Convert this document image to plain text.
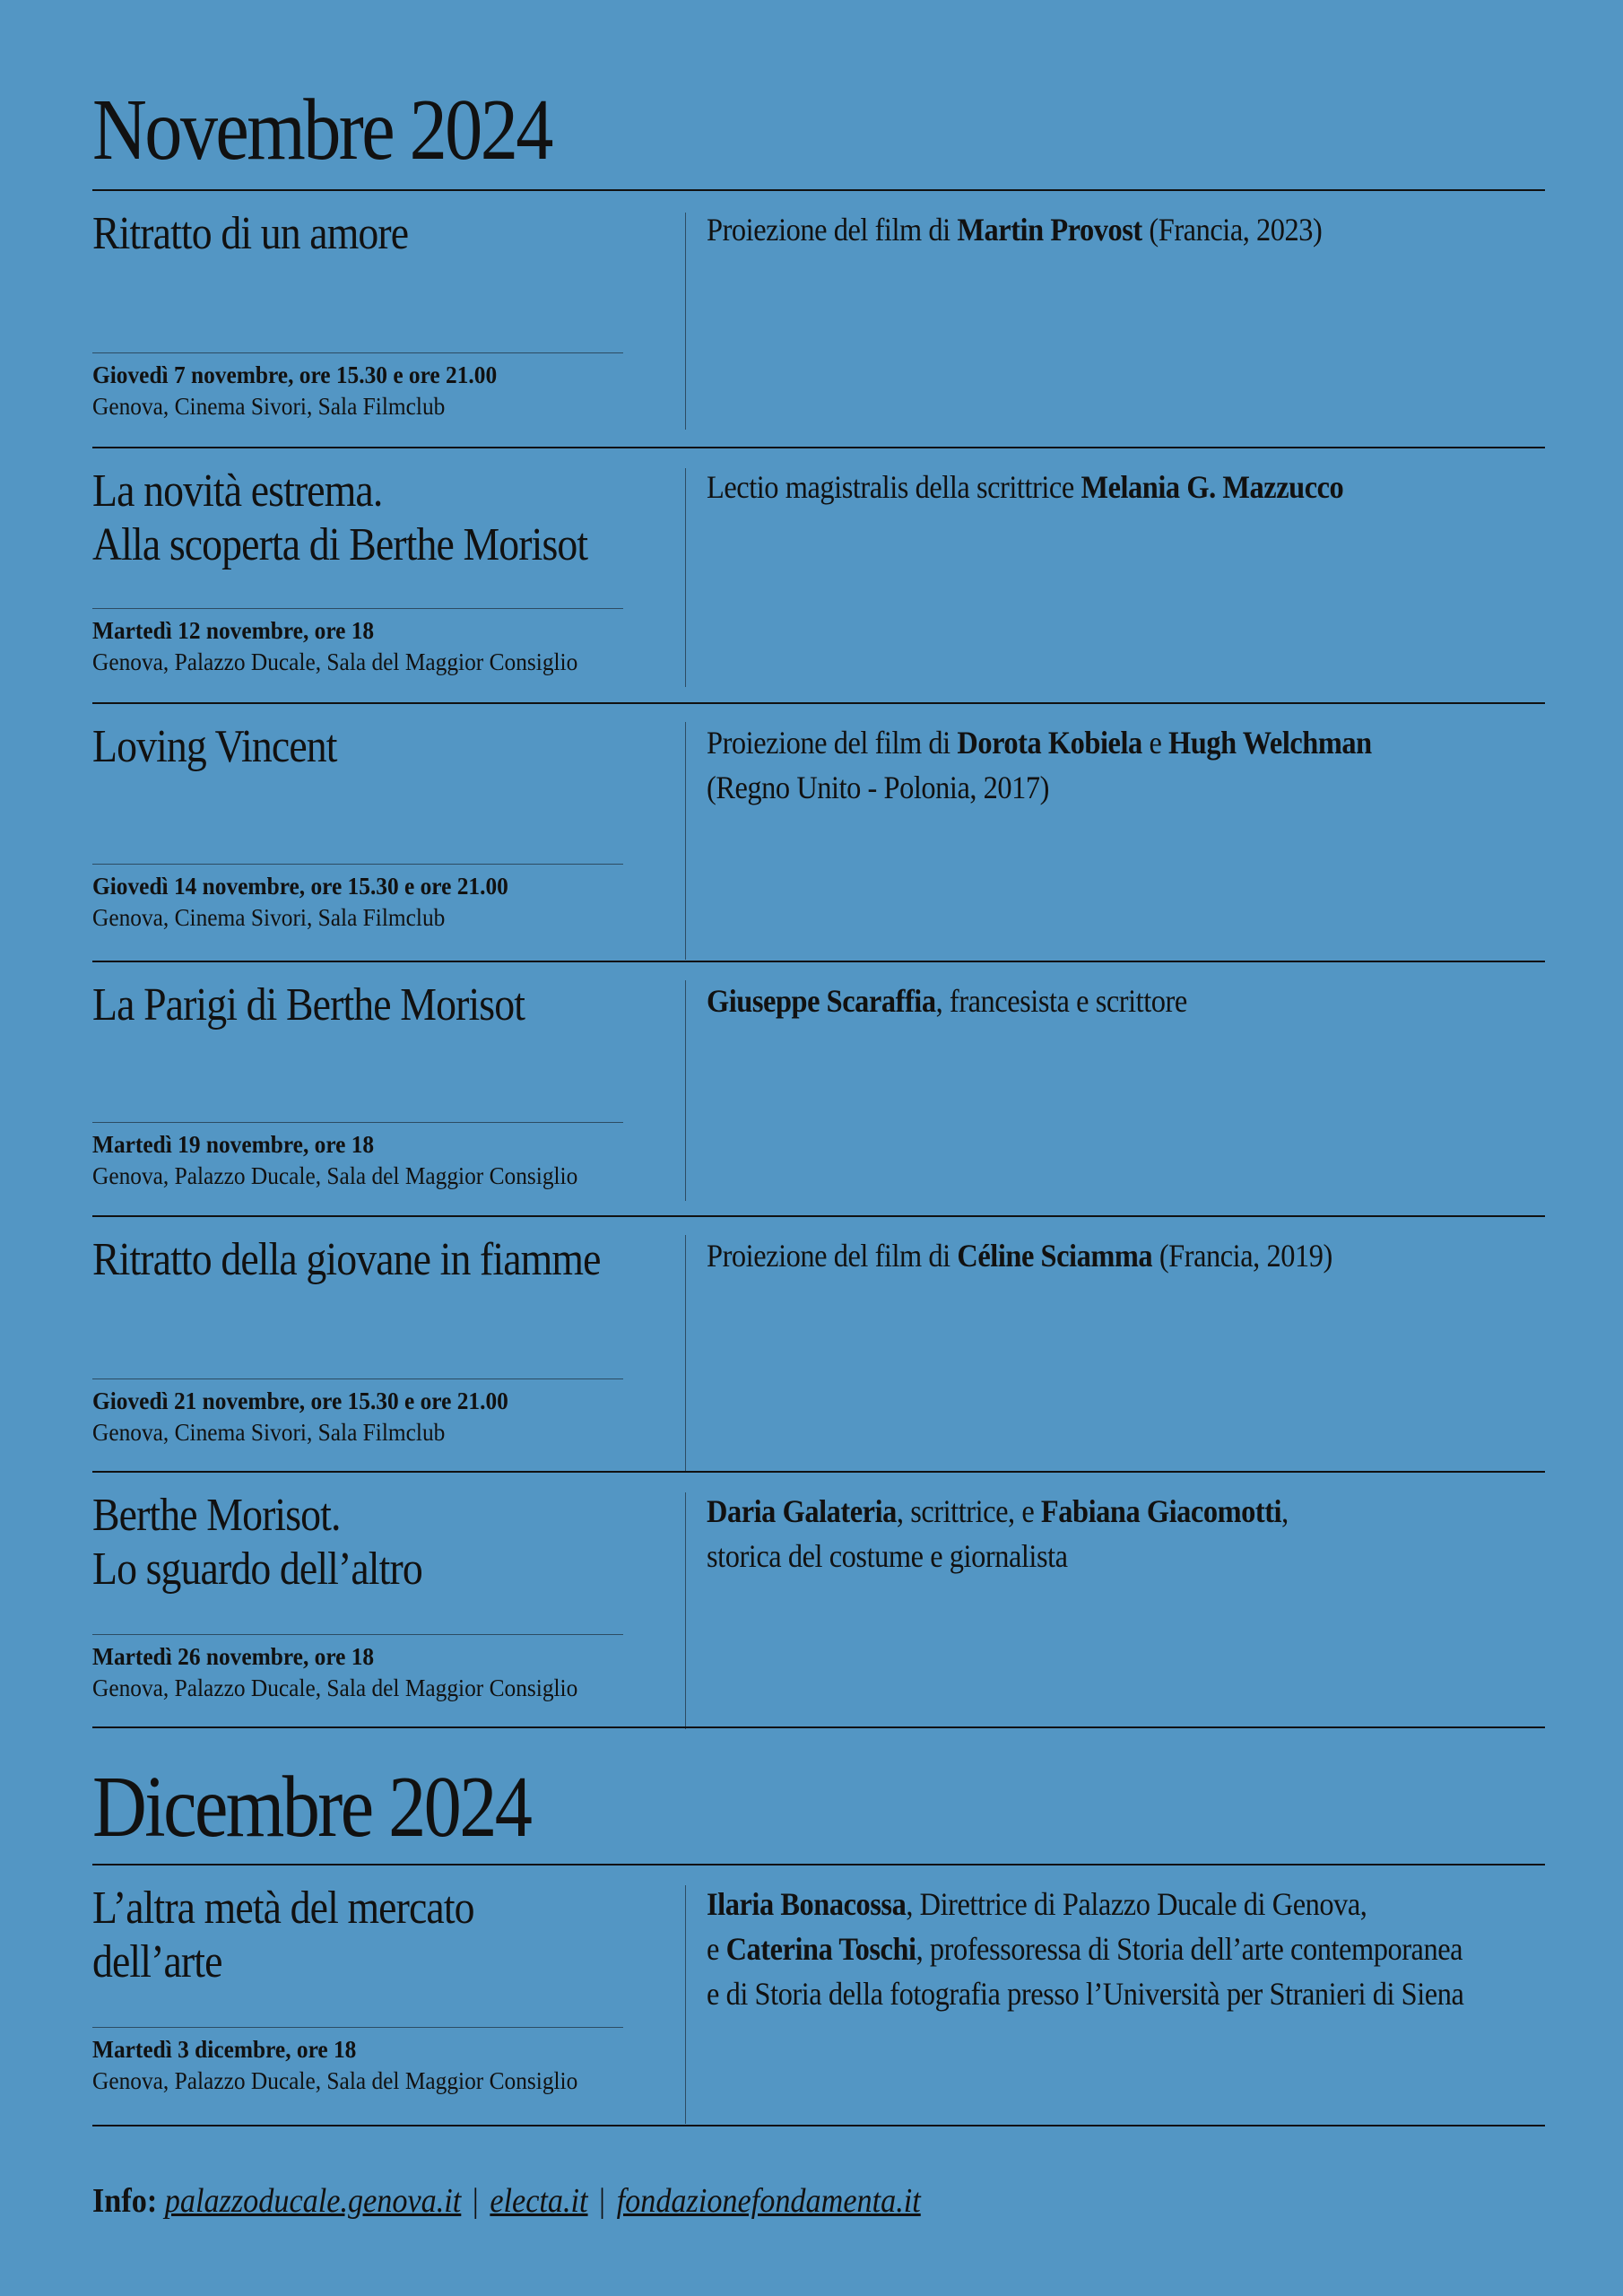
Novembre 2024
Ritratto di un amore
Giovedì 7 novembre, ore 15.30 e ore 21.00
Genova, Cinema Sivori, Sala Filmclub
Proiezione del film di Martin Provost (Francia, 2023)
La novità estrema.
Alla scoperta di Berthe Morisot
Martedì 12 novembre, ore 18
Genova, Palazzo Ducale, Sala del Maggior Consiglio
Lectio magistralis della scrittrice Melania G. Mazzucco
Loving Vincent
Giovedì 14 novembre, ore 15.30 e ore 21.00
Genova, Cinema Sivori, Sala Filmclub
Proiezione del film di Dorota Kobiela e Hugh Welchman
(Regno Unito - Polonia, 2017)
La Parigi di Berthe Morisot
Martedì 19 novembre, ore 18
Genova, Palazzo Ducale, Sala del Maggior Consiglio
Giuseppe Scaraffia, francesista e scrittore
Ritratto della giovane in fiamme
Giovedì 21 novembre, ore 15.30 e ore 21.00
Genova, Cinema Sivori, Sala Filmclub
Proiezione del film di Céline Sciamma (Francia, 2019)
Berthe Morisot.
Lo sguardo dell’altro
Martedì 26 novembre, ore 18
Genova, Palazzo Ducale, Sala del Maggior Consiglio
Daria Galateria, scrittrice, e Fabiana Giacomotti,
storica del costume e giornalista
Dicembre 2024
L’altra metà del mercato
dell’arte
Martedì 3 dicembre, ore 18
Genova, Palazzo Ducale, Sala del Maggior Consiglio
Ilaria Bonacossa, Direttrice di Palazzo Ducale di Genova,
e Caterina Toschi, professoressa di Storia dell’arte contemporanea
e di Storia della fotografia presso l’Università per Stranieri di Siena
Info: palazzoducale.genova.it | electa.it | fondazionefondamenta.it
